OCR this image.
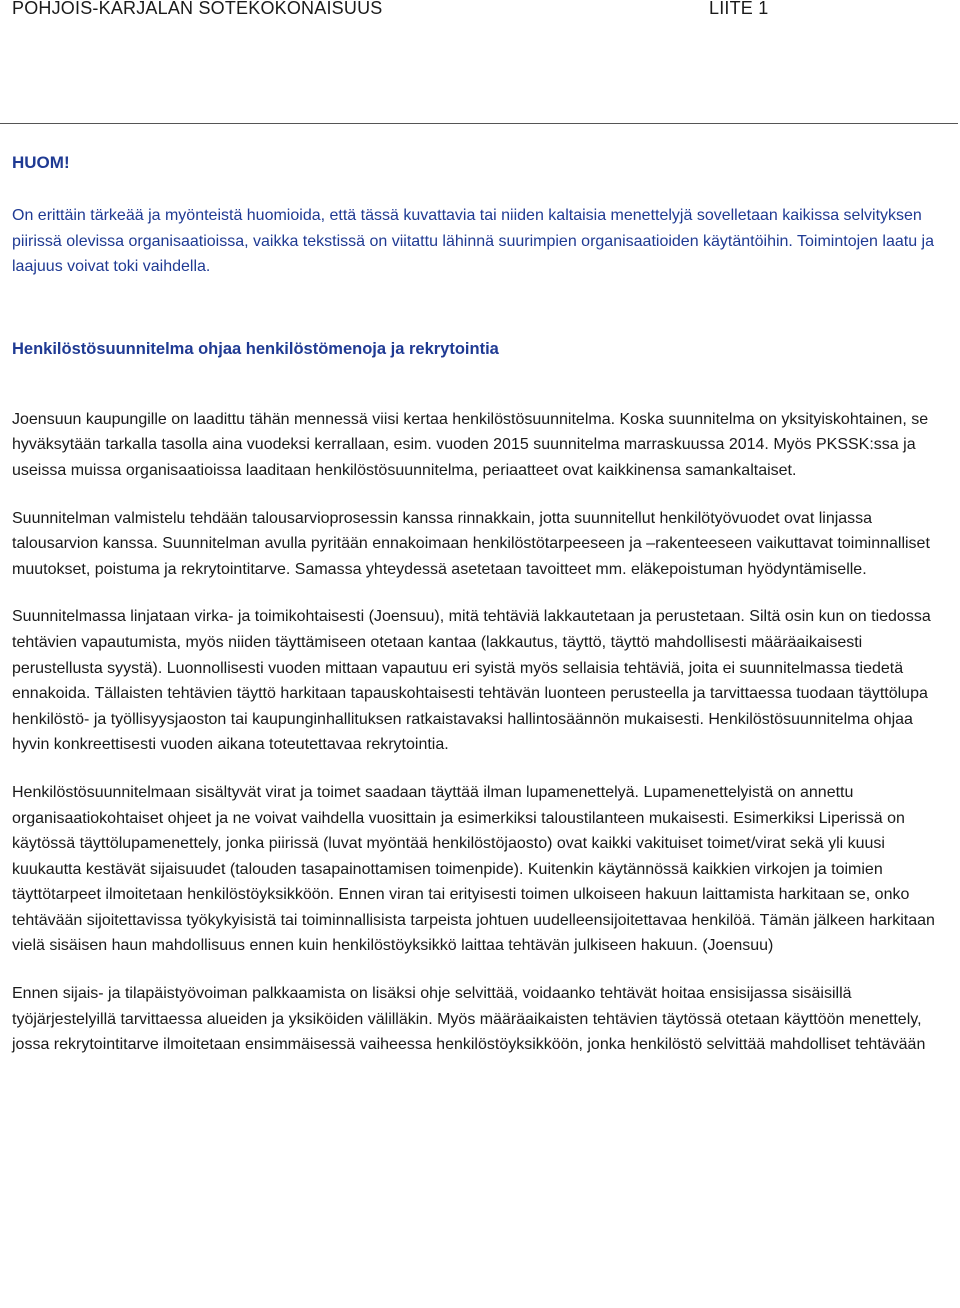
POHJOIS-KARJALAN SOTEKOKONAISUUS	LIITE 1

HUOM!

On erittäin tärkeää ja myönteistä huomioida, että tässä kuvattavia tai niiden kaltaisia menettelyjä sovelletaan kaikissa selvityksen piirissä olevissa organisaatioissa, vaikka tekstissä on viitattu lähinnä suurimpien organisaatioiden käytäntöihin. Toimintojen laatu ja laajuus voivat toki vaihdella.

Henkilöstösuunnitelma ohjaa henkilöstömenoja ja rekrytointia

Joensuun kaupungille on laadittu tähän mennessä viisi kertaa henkilöstösuunnitelma. Koska suunnitelma on yksityiskohtainen, se hyväksytään tarkalla tasolla aina vuodeksi kerrallaan, esim. vuoden 2015 suunnitelma marraskuussa 2014. Myös PKSSK:ssa ja useissa muissa organisaatioissa laaditaan henkilöstösuunnitelma, periaatteet ovat kaikkinensa samankaltaiset.

Suunnitelman valmistelu tehdään talousarvioprosessin kanssa rinnakkain, jotta suunnitellut henkilötyövuodet ovat linjassa talousarvion kanssa. Suunnitelman avulla pyritään ennakoimaan henkilöstötarpeeseen ja –rakenteeseen vaikuttavat toiminnalliset muutokset, poistuma ja rekrytointitarve. Samassa yhteydessä asetetaan tavoitteet mm. eläkepoistuman hyödyntämiselle.

Suunnitelmassa linjataan virka- ja toimikohtaisesti (Joensuu), mitä tehtäviä lakkautetaan ja perustetaan. Siltä osin kun on tiedossa tehtävien vapautumista, myös niiden täyttämiseen otetaan kantaa (lakkautus, täyttö, täyttö mahdollisesti määräaikaisesti perustellusta syystä). Luonnollisesti vuoden mittaan vapautuu eri syistä myös sellaisia tehtäviä, joita ei suunnitelmassa tiedetä ennakoida. Tällaisten tehtävien täyttö harkitaan tapauskohtaisesti tehtävän luonteen perusteella ja tarvittaessa tuodaan täyttölupa henkilöstö- ja työllisyysjaoston tai kaupunginhallituksen ratkaistavaksi hallintosäännön mukaisesti. Henkilöstösuunnitelma ohjaa hyvin konkreettisesti vuoden aikana toteutettavaa rekrytointia.

Henkilöstösuunnitelmaan sisältyvät virat ja toimet saadaan täyttää ilman lupamenettelyä. Lupamenettelyistä on annettu organisaatiokohtaiset ohjeet ja ne voivat vaihdella vuosittain ja esimerkiksi taloustilanteen mukaisesti. Esimerkiksi Liperissä on käytössä täyttölupamenettely, jonka piirissä (luvat myöntää henkilöstöjaosto) ovat kaikki vakituiset toimet/virat sekä yli kuusi kuukautta kestävät sijaisuudet (talouden tasapainottamisen toimenpide). Kuitenkin käytännössä kaikkien virkojen ja toimien täyttötarpeet ilmoitetaan henkilöstöyksikköön. Ennen viran tai erityisesti toimen ulkoiseen hakuun laittamista harkitaan se, onko tehtävään sijoitettavissa työkykyisistä tai toiminnallisista tarpeista johtuen uudelleensijoitettavaa henkilöä. Tämän jälkeen harkitaan vielä sisäisen haun mahdollisuus ennen kuin henkilöstöyksikkö laittaa tehtävän julkiseen hakuun. (Joensuu)

Ennen sijais- ja tilapäistyövoiman palkkaamista on lisäksi ohje selvittää, voidaanko tehtävät hoitaa ensisijassa sisäisillä työjärjestelyillä tarvittaessa alueiden ja yksiköiden välilläkin. Myös määräaikaisten tehtävien täytössä otetaan käyttöön menettely, jossa rekrytointitarve ilmoitetaan ensimmäisessä vaiheessa henkilöstöyksikköön, jonka henkilöstö selvittää mahdolliset tehtävään
